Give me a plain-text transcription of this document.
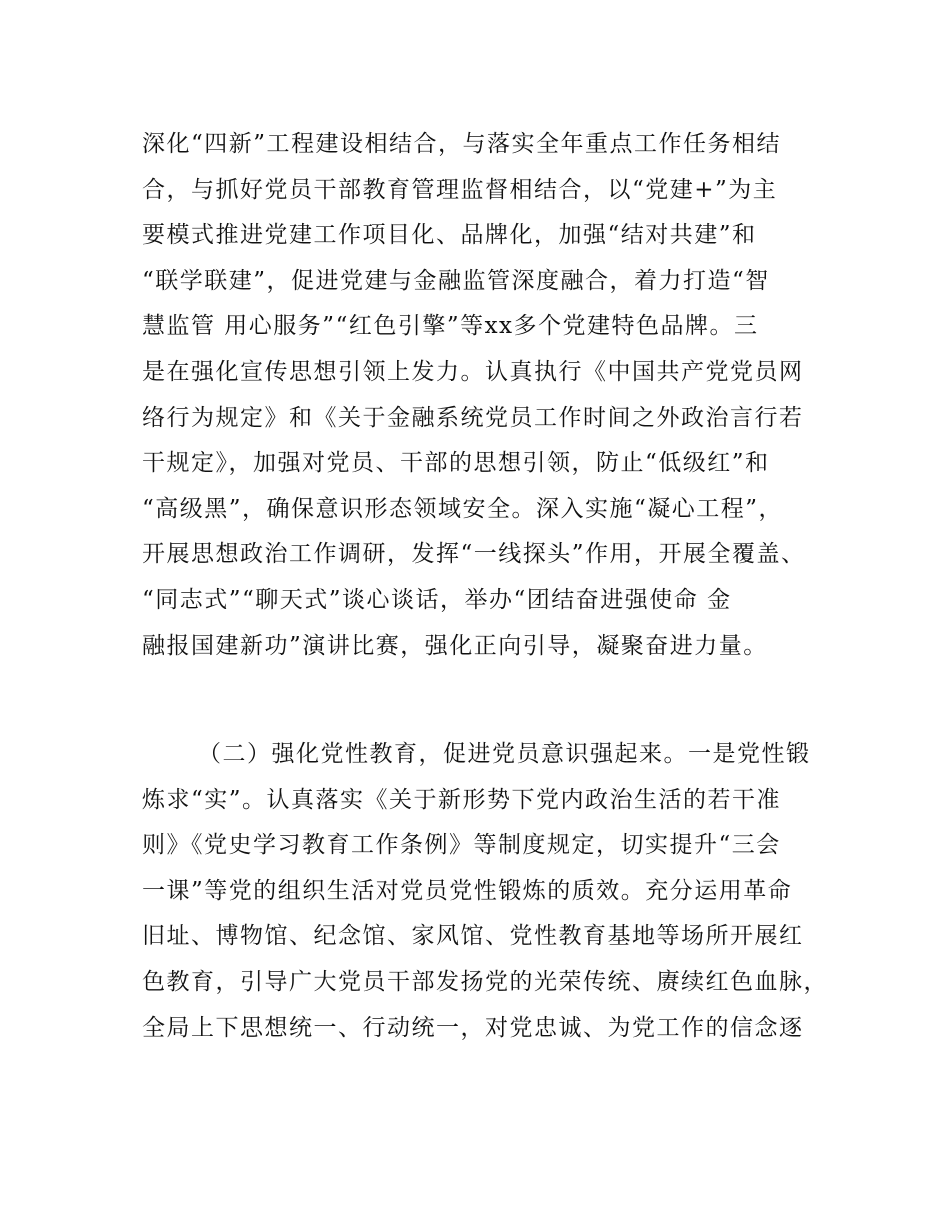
深化“四新”工程建设相结合，与落实全年重点工作任务相结
合，与抓好党员干部教育管理监督相结合，以“党建+”为主
要模式推进党建工作项目化、品牌化，加强“结对共建”和
“联学联建”，促进党建与金融监管深度融合，着力打造“智
慧监管 用心服务”“红色引擎”等xx多个党建特色品牌。三
是在强化宣传思想引领上发力。认真执行《中国共产党党员网
络行为规定》和《关于金融系统党员工作时间之外政治言行若
干规定》，加强对党员、干部的思想引领，防止“低级红”和
“高级黑”，确保意识形态领域安全。深入实施“凝心工程”，
开展思想政治工作调研，发挥“一线探头”作用，开展全覆盖、
“同志式”“聊天式”谈心谈话，举办“团结奋进强使命 金
融报国建新功”演讲比赛，强化正向引导，凝聚奋进力量。
（二）强化党性教育，促进党员意识强起来。一是党性锻
炼求“实”。认真落实《关于新形势下党内政治生活的若干准
则》《党史学习教育工作条例》等制度规定，切实提升“三会
一课”等党的组织生活对党员党性锻炼的质效。充分运用革命
旧址、博物馆、纪念馆、家风馆、党性教育基地等场所开展红
色教育，引导广大党员干部发扬党的光荣传统、赓续红色血脉，
全局上下思想统一、行动统一，对党忠诚、为党工作的信念逐
